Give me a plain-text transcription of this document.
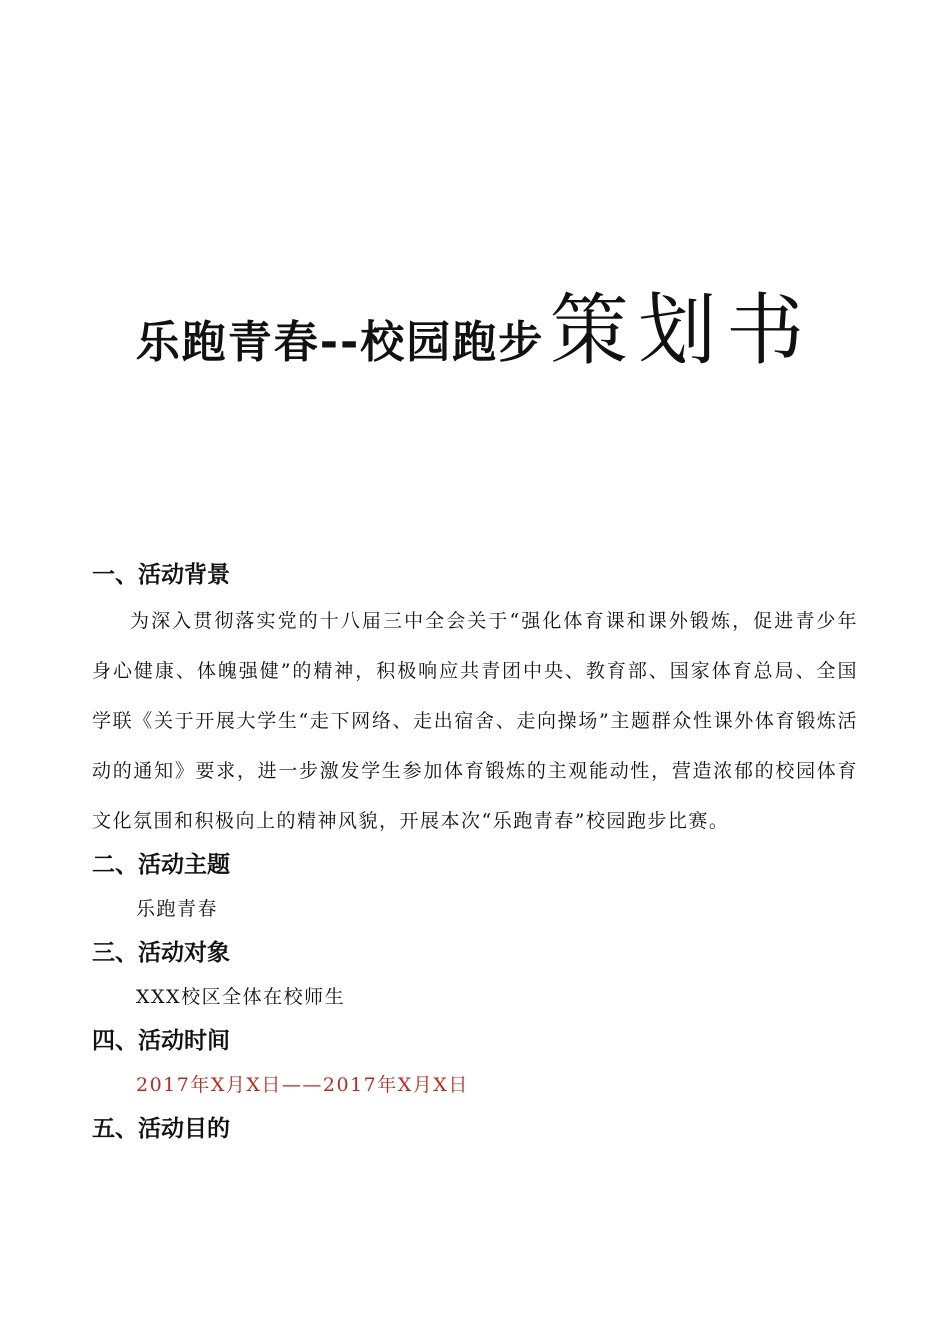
乐跑青春--校园跑步策划书
一、活动背景

为深入贯彻落实党的十八届三中全会关于“强化体育课和课外锻炼，促进青少年身心健康、体魄强健”的精神，积极响应共青团中央、教育部、国家体育总局、全国学联《关于开展大学生“走下网络、走出宿舍、走向操场”主题群众性课外体育锻炼活动的通知》要求，进一步激发学生参加体育锻炼的主观能动性，营造浓郁的校园体育文化氛围和积极向上的精神风貌，开展本次“乐跑青春”校园跑步比赛。

二、活动主题

乐跑青春

三、活动对象

XXX校区全体在校师生

四、活动时间

2017年X月X日——2017年X月X日

五、活动目的
